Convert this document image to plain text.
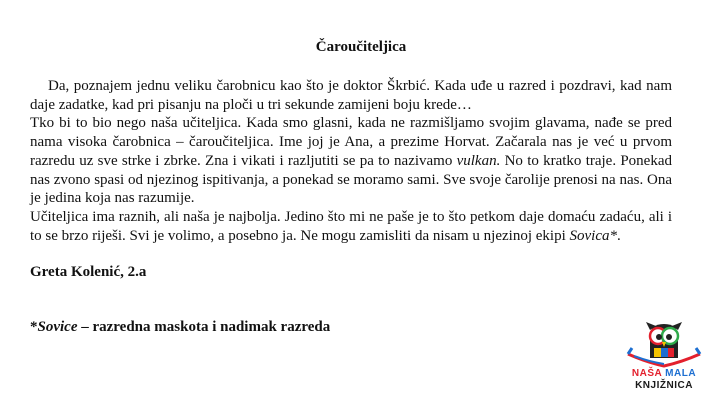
Čaroučiteljica

Da, poznajem jednu veliku čarobnicu kao što je doktor Škrbić. Kada uđe u razred i pozdravi, kad nam daje zadatke, kad pri pisanju na ploči u tri sekunde zamijeni boju krede…

Tko bi to bio nego naša učiteljica. Kada smo glasni, kada ne razmišljamo svojim glavama, nađe se pred nama visoka čarobnica – čaroučiteljica. Ime joj je Ana, a prezime Horvat. Začarala nas je već u prvom razredu uz sve strke i zbrke. Zna i vikati i razljutiti se pa to nazivamo vulkan. No to kratko traje. Ponekad nas zvono spasi od njezinog ispitivanja, a ponekad se moramo sami. Sve svoje čarolije prenosi na nas. Ona je jedina koja nas razumije.

Učiteljica ima raznih, ali naša je najbolja. Jedino što mi ne paše je to što petkom daje domaću zadaću, ali i to se brzo riješi. Svi je volimo, a posebno ja. Ne mogu zamisliti da nisam u njezinoj ekipi Sovica*.

Greta Kolenić, 2.a
*Sovice – razredna maskota i nadimak razreda
NAŠA MALA
KNJIŽNICA
